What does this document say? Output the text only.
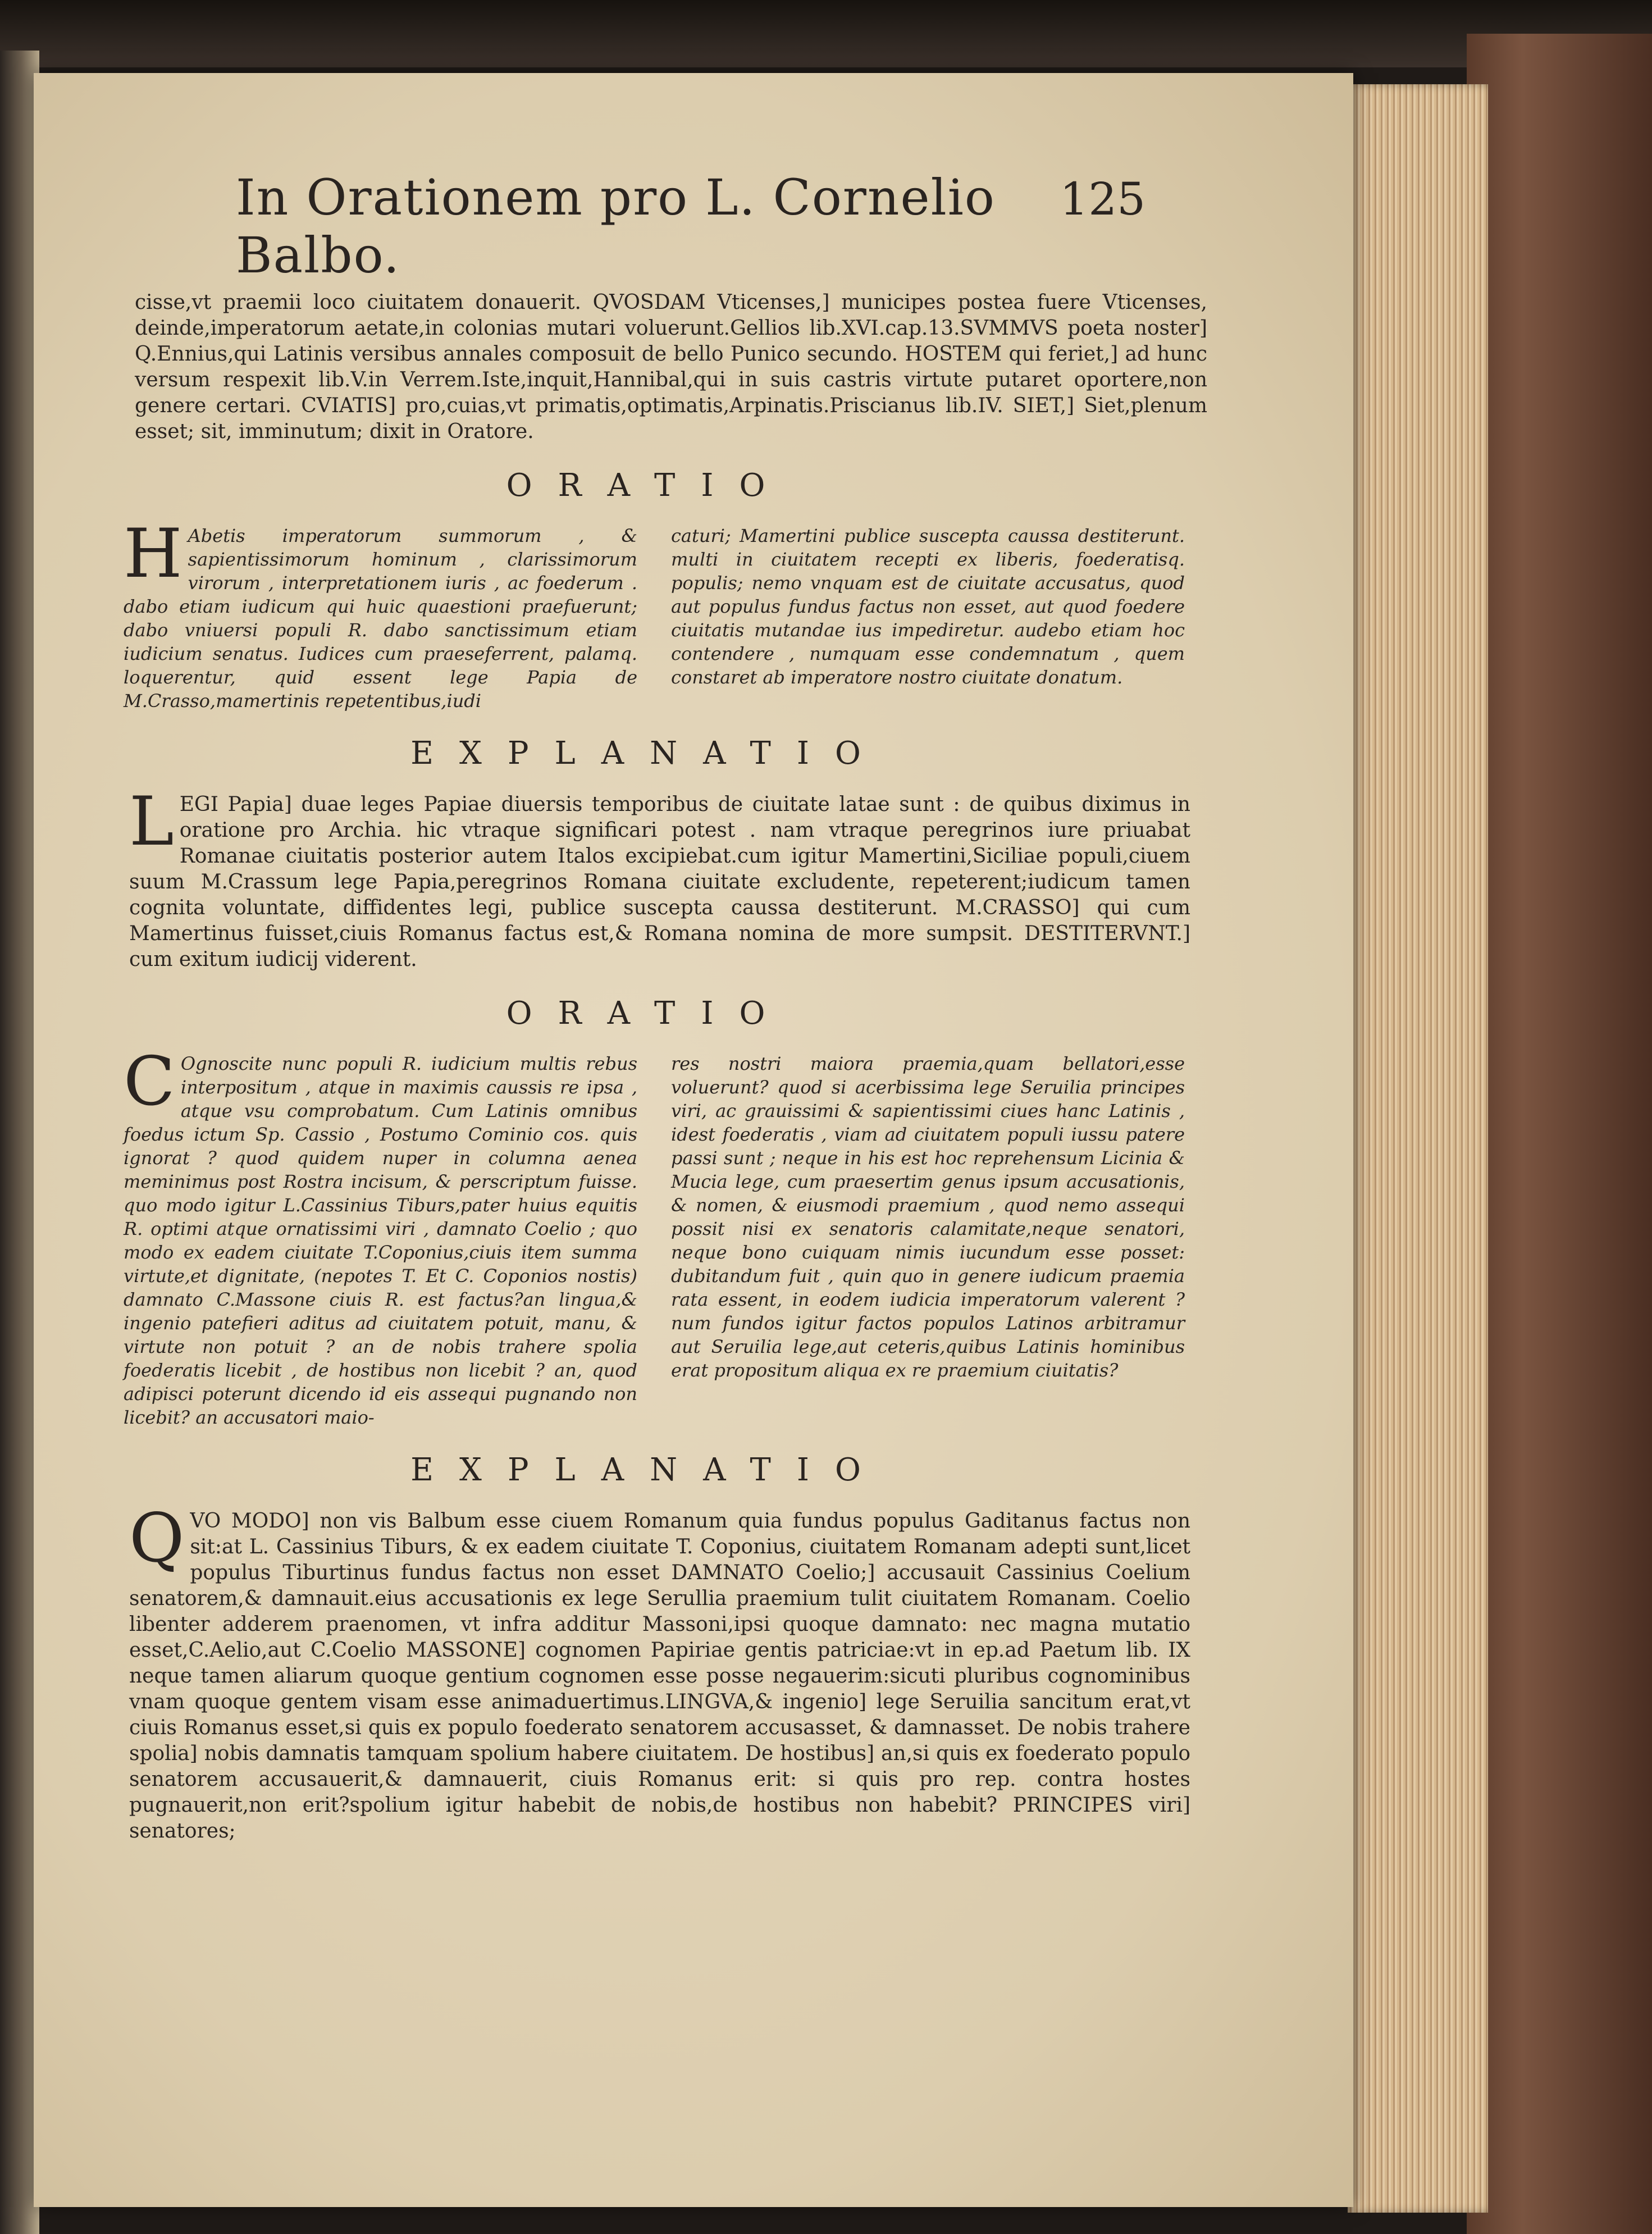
In Orationem pro L. Cornelio Balbo.
125

cisse,vt praemii loco ciuitatem donauerit. QVOSDAM Vticenses,] municipes postea fuere Vticenses, deinde,imperatorum aetate,in colonias mutari voluerunt.Gellios lib.XVI.cap.13.SVMMVS poeta noster] Q.Ennius,qui Latinis versibus annales composuit de bello Punico secundo. HOSTEM qui feriet,] ad hunc versum respexit lib.V.in Verrem.Iste,inquit,Hannibal,qui in suis castris virtute putaret oportere,non genere certari. CVIATIS] pro,cuias,vt primatis,optimatis,Arpinatis.Priscianus lib.IV. SIET,] Siet,plenum esset; sit, imminutum; dixit in Oratore.

ORATIO
H Abetis imperatorum summorum , & sapientissimorum hominum , clarissimorum virorum , interpretationem iuris , ac foederum . dabo etiam iudicum qui huic quaestioni praefuerunt; dabo vniuersi populi R. dabo sanctissimum etiam iudicium senatus. Iudices cum praeseferrent, palamq. loquerentur, quid essent lege Papia de M.Crasso,mamertinis repetentibus,iudi
caturi; Mamertini publice suscepta caussa destiterunt. multi in ciuitatem recepti ex liberis, foederatisq. populis; nemo vnquam est de ciuitate accusatus, quod aut populus fundus factus non esset, aut quod foedere ciuitatis mutandae ius impediretur. audebo etiam hoc contendere , numquam esse condemnatum , quem constaret ab imperatore nostro ciuitate donatum.
EXPLANATIO
L EGI Papia] duae leges Papiae diuersis temporibus de ciuitate latae sunt : de quibus diximus in oratione pro Archia. hic vtraque significari potest . nam vtraque peregrinos iure priuabat Romanae ciuitatis posterior autem Italos excipiebat.cum igitur Mamertini,Siciliae populi,ciuem suum M.Crassum lege Papia,peregrinos Romana ciuitate excludente, repeterent;iudicum tamen cognita voluntate, diffidentes legi, publice suscepta caussa destiterunt. M.CRASSO] qui cum Mamertinus fuisset,ciuis Romanus factus est,& Romana nomina de more sumpsit. DESTITERVNT.] cum exitum iudicij viderent.
ORATIO
C Ognoscite nunc populi R. iudicium multis rebus interpositum , atque in maximis caussis re ipsa , atque vsu comprobatum. Cum Latinis omnibus foedus ictum Sp. Cassio , Postumo Cominio cos. quis ignorat ? quod quidem nuper in columna aenea meminimus post Rostra incisum, & perscriptum fuisse. quo modo igitur L.Cassinius Tiburs,pater huius equitis R. optimi atque ornatissimi viri , damnato Coelio ; quo modo ex eadem ciuitate T.Coponius,ciuis item summa virtute,et dignitate, (nepotes T. Et C. Coponios nostis) damnato C.Massone ciuis R. est factus?an lingua,& ingenio patefieri aditus ad ciuitatem potuit, manu, & virtute non potuit ? an de nobis trahere spolia foederatis licebit , de hostibus non licebit ? an, quod adipisci poterunt dicendo id eis assequi pugnando non licebit? an accusatori maio-
res nostri maiora praemia,quam bellatori,esse voluerunt? quod si acerbissima lege Seruilia principes viri, ac grauissimi & sapientissimi ciues hanc Latinis , idest foederatis , viam ad ciuitatem populi iussu patere passi sunt ; neque in his est hoc reprehensum Licinia & Mucia lege, cum praesertim genus ipsum accusationis, & nomen, & eiusmodi praemium , quod nemo assequi possit nisi ex senatoris calamitate,neque senatori, neque bono cuiquam nimis iucundum esse posset: dubitandum fuit , quin quo in genere iudicum praemia rata essent, in eodem iudicia imperatorum valerent ? num fundos igitur factos populos Latinos arbitramur aut Seruilia lege,aut ceteris,quibus Latinis hominibus erat propositum aliqua ex re praemium ciuitatis?
EXPLANATIO
Q VO MODO] non vis Balbum esse ciuem Romanum quia fundus populus Gaditanus factus non sit:at L. Cassinius Tiburs, & ex eadem ciuitate T. Coponius, ciuitatem Romanam adepti sunt,licet populus Tiburtinus fundus factus non esset DAMNATO Coelio;] accusauit Cassinius Coelium senatorem,& damnauit.eius accusationis ex lege Serullia praemium tulit ciuitatem Romanam. Coelio libenter adderem praenomen, vt infra additur Massoni,ipsi quoque damnato: nec magna mutatio esset,C.Aelio,aut C.Coelio MASSONE] cognomen Papiriae gentis patriciae:vt in ep.ad Paetum lib. IX neque tamen aliarum quoque gentium cognomen esse posse negauerim:sicuti pluribus cognominibus vnam quoque gentem visam esse animaduertimus.LINGVA,& ingenio] lege Seruilia sancitum erat,vt ciuis Romanus esset,si quis ex populo foederato senatorem accusasset, & damnasset. De nobis trahere spolia] nobis damnatis tamquam spolium habere ciuitatem. De hostibus] an,si quis ex foederato populo senatorem accusauerit,& damnauerit, ciuis Romanus erit: si quis pro rep. contra hostes pugnauerit,non erit?spolium igitur habebit de nobis,de hostibus non habebit? PRINCIPES viri] senatores;
